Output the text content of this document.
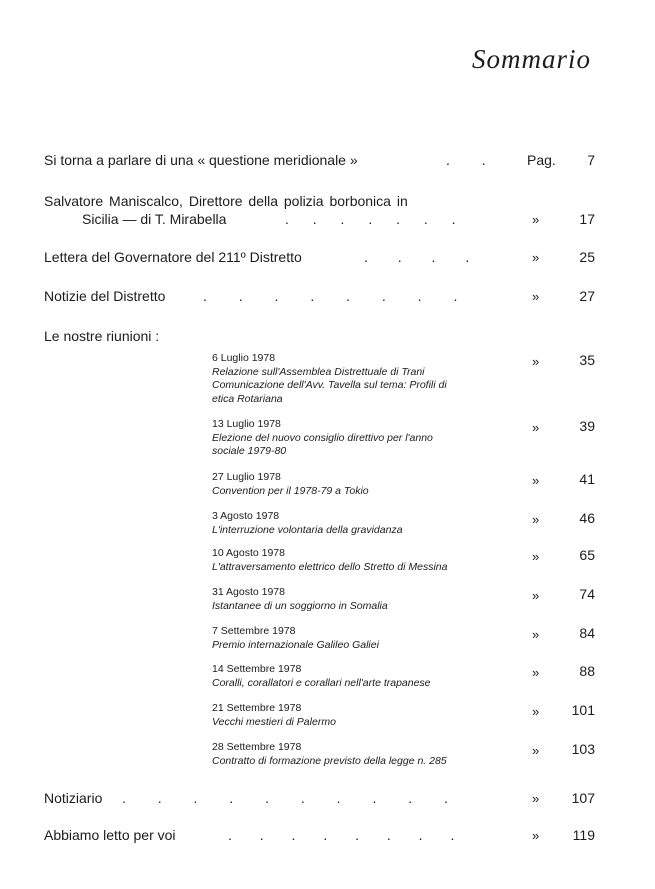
Sommario
Si torna a parlare di una « questione meridionale »	. .	Pag.	7
Salvatore Maniscalco, Direttore della polizia borbonica in
Sicilia — di T. Mirabella	. . . . . . .	»	17
Lettera del Governatore del 211º Distretto	. . . .	»	25
Notizie del Distretto	. . . . . . . .	»	27
Le nostre riunioni :
6 Luglio 1978
Relazione sull'Assemblea Distrettuale di Trani
Comunicazione dell'Avv. Tavella sul tema: Profili di
etica Rotariana
»	35
13 Luglio 1978
Elezione del nuovo consiglio direttivo per l'anno
sociale 1979-80
»	39
27 Luglio 1978
Convention per il 1978-79 a Tokio
»	41
3 Agosto 1978
L'interruzione volontaria della gravidanza
»	46
10 Agosto 1978
L'attraversamento elettrico dello Stretto di Messina
»	65
31 Agosto 1978
Istantanee di un soggiorno in Somalia
»	74
7 Settembre 1978
Premio internazionale Galileo Galiei
»	84
14 Settembre 1978
Coralli, corallatori e corallari nell'arte trapanese
»	88
21 Settembre 1978
Vecchi mestieri di Palermo
»	101
28 Settembre 1978
Contratto di formazione previsto della legge n. 285
»	103
Notiziario . . . . . . . . . .	»	107
Abbiamo letto per voi	. . . . . . . .	»	119
